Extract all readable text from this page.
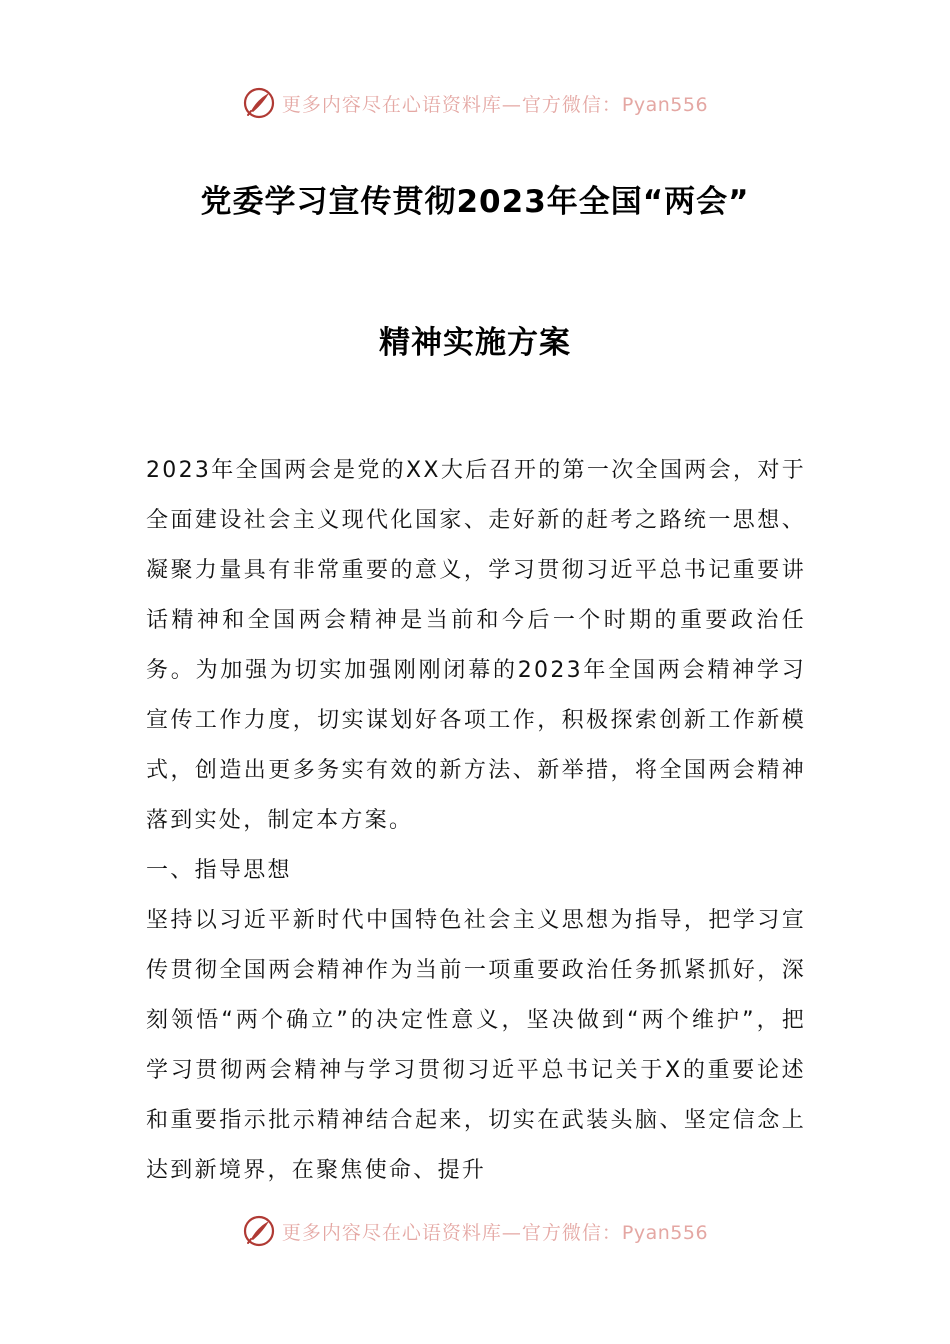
更多内容尽在心语资料库—官方微信：Pyan556
党委学习宣传贯彻2023年全国“两会”
精神实施方案

2023年全国两会是党的XX大后召开的第一次全国两会，对于全面建设社会主义现代化国家、走好新的赶考之路统一思想、凝聚力量具有非常重要的意义，学习贯彻习近平总书记重要讲话精神和全国两会精神是当前和今后一个时期的重要政治任务。为加强为切实加强刚刚闭幕的2023年全国两会精神学习宣传工作力度，切实谋划好各项工作，积极探索创新工作新模式，创造出更多务实有效的新方法、新举措，将全国两会精神落到实处，制定本方案。

一、指导思想

坚持以习近平新时代中国特色社会主义思想为指导，把学习宣传贯彻全国两会精神作为当前一项重要政治任务抓紧抓好，深刻领悟“两个确立”的决定性意义，坚决做到“两个维护”，把学习贯彻两会精神与学习贯彻习近平总书记关于X的重要论述和重要指示批示精神结合起来，切实在武装头脑、坚定信念上达到新境界，在聚焦使命、提升

更多内容尽在心语资料库—官方微信：Pyan556
